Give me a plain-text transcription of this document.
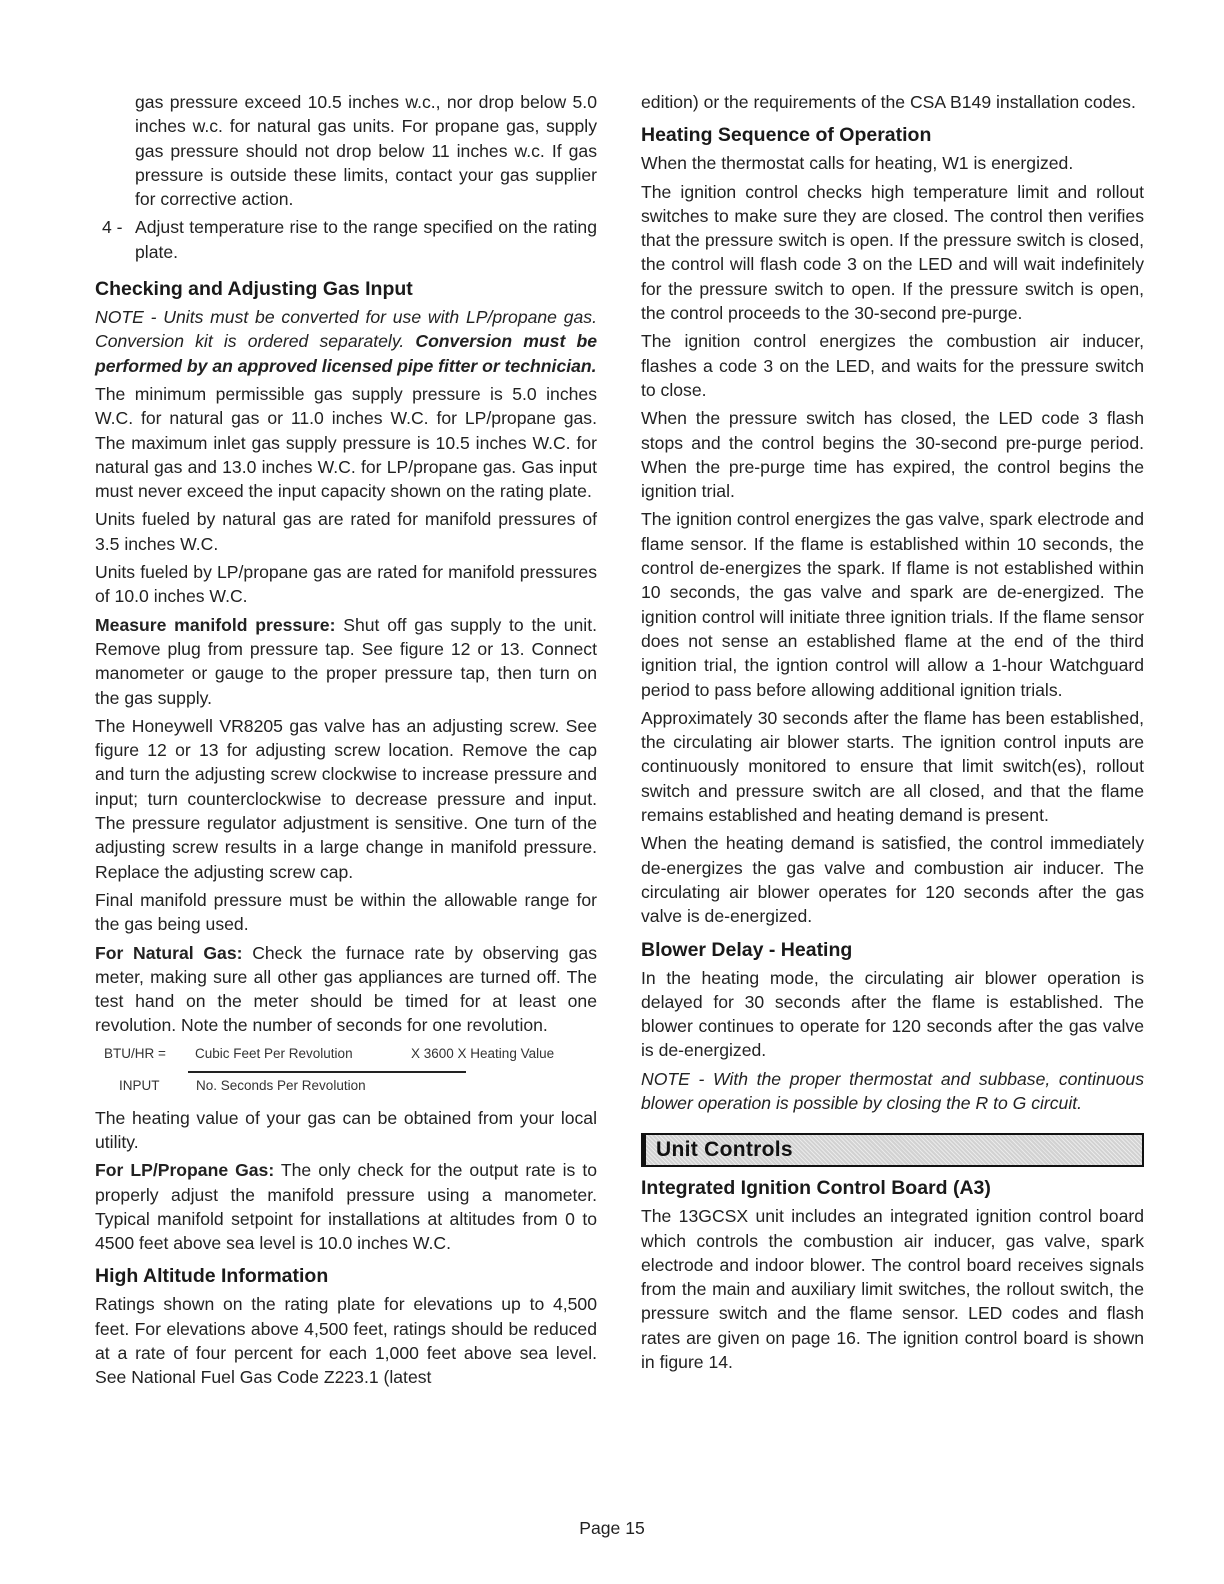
gas pressure exceed 10.5 inches w.c., nor drop below 5.0 inches w.c. for natural gas units. For propane gas, supply gas pressure should not drop below 11 inches w.c. If gas pressure is outside these limits, contact your gas supplier for corrective action.

4 - Adjust temperature rise to the range specified on the rating plate.

Checking and Adjusting Gas Input

NOTE - Units must be converted for use with LP/propane gas. Conversion kit is ordered separately. Conversion must be performed by an approved licensed pipe fitter or technician.

The minimum permissible gas supply pressure is 5.0 inches W.C. for natural gas or 11.0 inches W.C. for LP/propane gas. The maximum inlet gas supply pressure is 10.5 inches W.C. for natural gas and 13.0 inches W.C. for LP/propane gas. Gas input must never exceed the input capacity shown on the rating plate.

Units fueled by natural gas are rated for manifold pressures of 3.5 inches W.C.

Units fueled by LP/propane gas are rated for manifold pressures of 10.0 inches W.C.

Measure manifold pressure: Shut off gas supply to the unit. Remove plug from pressure tap. See figure 12 or 13. Connect manometer or gauge to the proper pressure tap, then turn on the gas supply.

The Honeywell VR8205 gas valve has an adjusting screw. See figure 12 or 13 for adjusting screw location. Remove the cap and turn the adjusting screw clockwise to increase pressure and input; turn counterclockwise to decrease pressure and input. The pressure regulator adjustment is sensitive. One turn of the adjusting screw results in a large change in manifold pressure. Replace the adjusting screw cap.

Final manifold pressure must be within the allowable range for the gas being used.

For Natural Gas: Check the furnace rate by observing gas meter, making sure all other gas appliances are turned off. The test hand on the meter should be timed for at least one revolution. Note the number of seconds for one revolution.

BTU/HR = Cubic Feet Per Revolution	X 3600 X Heating Value
INPUT	No. Seconds Per Revolution

The heating value of your gas can be obtained from your local utility.

For LP/Propane Gas: The only check for the output rate is to properly adjust the manifold pressure using a manometer. Typical manifold setpoint for installations at altitudes from 0 to 4500 feet above sea level is 10.0 inches W.C.

High Altitude Information

Ratings shown on the rating plate for elevations up to 4,500 feet. For elevations above 4,500 feet, ratings should be reduced at a rate of four percent for each 1,000 feet above sea level. See National Fuel Gas Code Z223.1 (latest

edition) or the requirements of the CSA B149 installation codes.

Heating Sequence of Operation

When the thermostat calls for heating, W1 is energized.

The ignition control checks high temperature limit and rollout switches to make sure they are closed. The control then verifies that the pressure switch is open. If the pressure switch is closed, the control will flash code 3 on the LED and will wait indefinitely for the pressure switch to open. If the pressure switch is open, the control proceeds to the 30-second pre-purge.

The ignition control energizes the combustion air inducer, flashes a code 3 on the LED, and waits for the pressure switch to close.

When the pressure switch has closed, the LED code 3 flash stops and the control begins the 30-second pre-purge period. When the pre-purge time has expired, the control begins the ignition trial.

The ignition control energizes the gas valve, spark electrode and flame sensor. If the flame is established within 10 seconds, the control de-energizes the spark. If flame is not established within 10 seconds, the gas valve and spark are de-energized. The ignition control will initiate three ignition trials. If the flame sensor does not sense an established flame at the end of the third ignition trial, the igntion control will allow a 1-hour Watchguard period to pass before allowing additional ignition trials.

Approximately 30 seconds after the flame has been established, the circulating air blower starts. The ignition control inputs are continuously monitored to ensure that limit switch(es), rollout switch and pressure switch are all closed, and that the flame remains established and heating demand is present.

When the heating demand is satisfied, the control immediately de-energizes the gas valve and combustion air inducer. The circulating air blower operates for 120 seconds after the gas valve is de-energized.

Blower Delay - Heating

In the heating mode, the circulating air blower operation is delayed for 30 seconds after the flame is established. The blower continues to operate for 120 seconds after the gas valve is de-energized.

NOTE - With the proper thermostat and subbase, continuous blower operation is possible by closing the R to G circuit.

Unit Controls
Integrated Ignition Control Board (A3)

The 13GCSX unit includes an integrated ignition control board which controls the combustion air inducer, gas valve, spark electrode and indoor blower. The control board receives signals from the main and auxiliary limit switches, the rollout switch, the pressure switch and the flame sensor. LED codes and flash rates are given on page 16. The ignition control board is shown in figure 14.

Page 15
